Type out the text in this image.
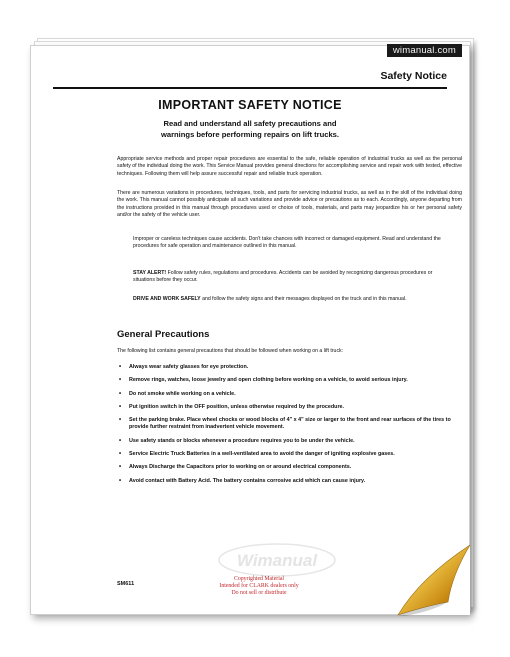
Safety Notice
IMPORTANT SAFETY NOTICE
Read and understand all safety precautions and
warnings before performing repairs on lift trucks.
Appropriate service methods and proper repair procedures are essential to the safe, reliable operation of industrial trucks as well as the personal safety of the individual doing the work. This Service Manual provides general directions for accomplishing service and repair work with tested, effective techniques. Following them will help assure successful repair and reliable truck operation.
There are numerous variations in procedures, techniques, tools, and parts for servicing industrial trucks, as well as in the skill of the individual doing the work. This manual cannot possibly anticipate all such variations and provide advice or precautions as to each. Accordingly, anyone departing from the instructions provided in this manual through procedures used or choice of tools, materials, and parts may jeopardize his or her personal safety and/or the safety of the vehicle user.
Improper or careless techniques cause accidents. Don't take chances with incorrect or damaged equipment. Read and understand the procedures for safe operation and maintenance outlined in this manual.
STAY ALERT! Follow safety rules, regulations and procedures. Accidents can be avoided by recognizing dangerous procedures or situations before they occur.
DRIVE AND WORK SAFELY and follow the safety signs and their messages displayed on the truck and in this manual.
General Precautions
The following list contains general precautions that should be followed when working on a lift truck:
• Always wear safety glasses for eye protection.
• Remove rings, watches, loose jewelry and open clothing before working on a vehicle, to avoid serious injury.
• Do not smoke while working on a vehicle.
• Put ignition switch in the OFF position, unless otherwise required by the procedure.
• Set the parking brake. Place wheel chocks or wood blocks of 4" x 4" size or larger to the front and rear surfaces of the tires to provide further restraint from inadvertent vehicle movement.
• Use safety stands or blocks whenever a procedure requires you to be under the vehicle.
• Service Electric Truck Batteries in a well-ventilated area to avoid the danger of igniting explosive gases.
• Always Discharge the Capacitors prior to working on or around electrical components.
• Avoid contact with Battery Acid. The battery contains corrosive acid which can cause injury.
Wimanual
SM611
Copyrighted Material
Intended for CLARK dealers only
Do not sell or distribute
wimanual.com
